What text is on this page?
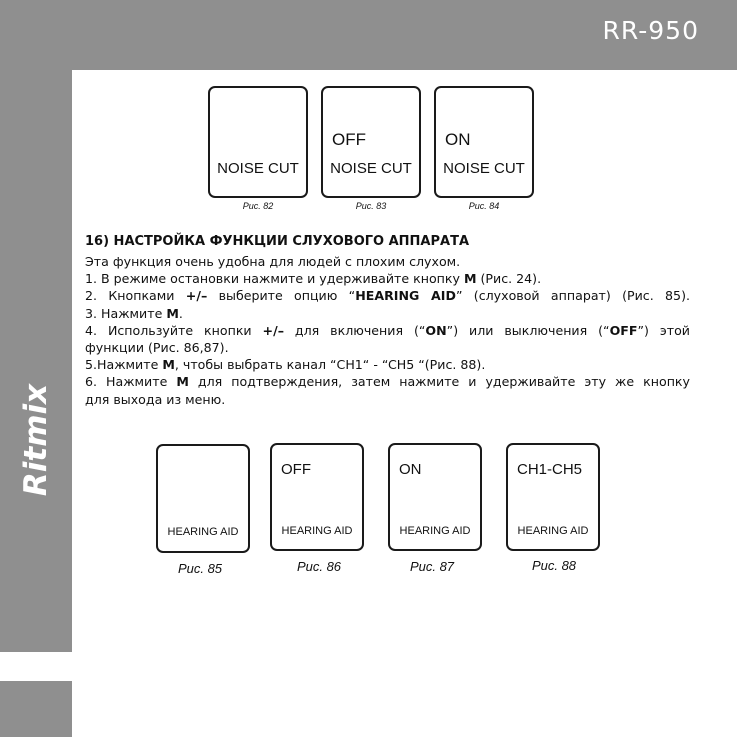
RR-950
Ritmix
NOISE CUT
Рис. 82
OFF
NOISE CUT
Рис. 83
ON
NOISE CUT
Рис. 84
16) НАСТРОЙКА ФУНКЦИИ СЛУХОВОГО АППАРАТА

Эта функция очень удобна для людей с плохим слухом.

1. В режиме остановки нажмите и удерживайте кнопку M (Рис. 24).

2. Кнопками +/– выберите опцию “HEARING AID” (слуховой аппарат) (Рис. 85).

3. Нажмите M.

4. Используйте кнопки +/– для включения (“ON”) или выключения (“OFF”) этой

функции (Рис. 86,87).

5.Нажмите M, чтобы выбрать канал “CH1“ - “CH5 “(Рис. 88).

6. Нажмите M для подтверждения, затем нажмите и удерживайте эту же кнопку

для выхода из меню.

HEARING AID
Рис. 85
OFF
HEARING AID
Рис. 86
ON
HEARING AID
Рис. 87
CH1-CH5
HEARING AID
Рис. 88
